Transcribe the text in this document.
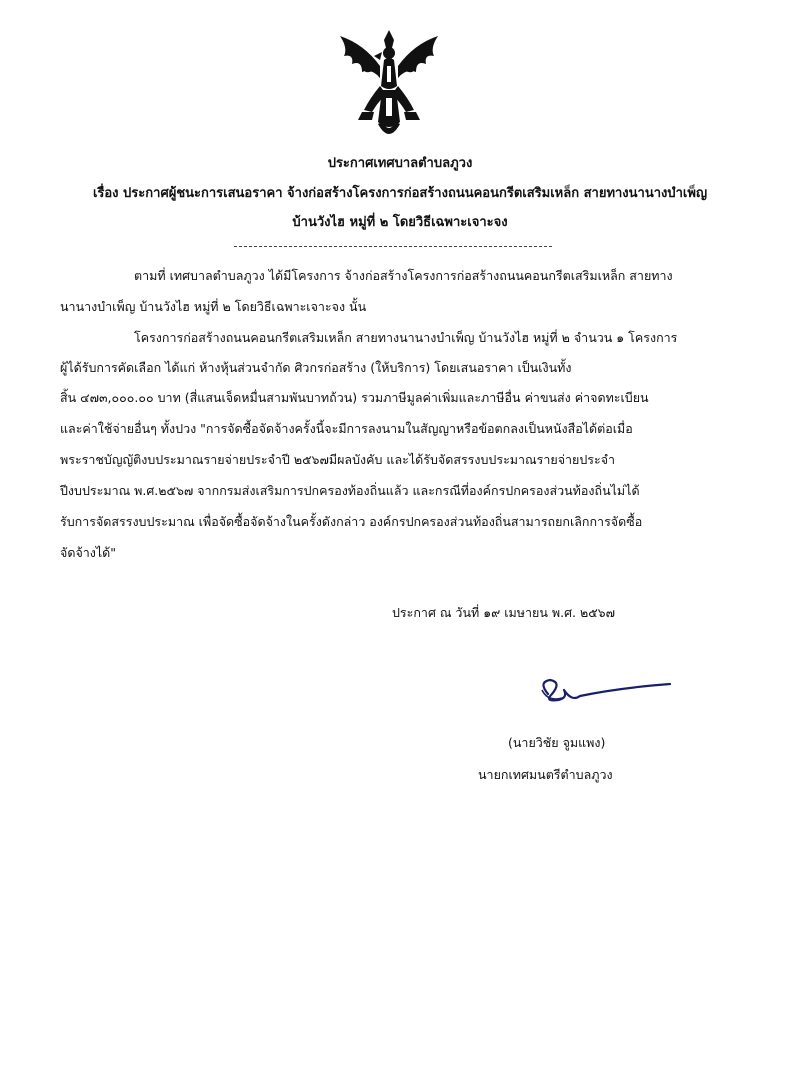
ประกาศเทศบาลตำบลภูวง
เรื่อง ประกาศผู้ชนะการเสนอราคา จ้างก่อสร้างโครงการก่อสร้างถนนคอนกรีตเสริมเหล็ก สายทางนานางบำเพ็ญ
บ้านวังไฮ หมู่ที่ ๒ โดยวิธีเฉพาะเจาะจง
ตามที่ เทศบาลตำบลภูวง ได้มีโครงการ จ้างก่อสร้างโครงการก่อสร้างถนนคอนกรีตเสริมเหล็ก สายทาง
นานางบำเพ็ญ บ้านวังไฮ หมู่ที่ ๒ โดยวิธีเฉพาะเจาะจง นั้น
โครงการก่อสร้างถนนคอนกรีตเสริมเหล็ก สายทางนานางบำเพ็ญ บ้านวังไฮ หมู่ที่ ๒ จำนวน ๑ โครงการ
ผู้ได้รับการคัดเลือก ได้แก่ ห้างหุ้นส่วนจำกัด ศิวกรก่อสร้าง (ให้บริการ) โดยเสนอราคา เป็นเงินทั้ง
สิ้น ๔๗๓,๐๐๐.๐๐ บาท (สี่แสนเจ็ดหมื่นสามพันบาทถ้วน) รวมภาษีมูลค่าเพิ่มและภาษีอื่น ค่าขนส่ง ค่าจดทะเบียน
และค่าใช้จ่ายอื่นๆ ทั้งปวง "การจัดซื้อจัดจ้างครั้งนี้จะมีการลงนามในสัญญาหรือข้อตกลงเป็นหนังสือได้ต่อเมื่อ
พระราชบัญญัติงบประมาณรายจ่ายประจำปี ๒๕๖๗มีผลบังคับ และได้รับจัดสรรงบประมาณรายจ่ายประจำ
ปีงบประมาณ พ.ศ.๒๕๖๗ จากกรมส่งเสริมการปกครองท้องถิ่นแล้ว และกรณีที่องค์กรปกครองส่วนท้องถิ่นไม่ได้
รับการจัดสรรงบประมาณ เพื่อจัดซื้อจัดจ้างในครั้งดังกล่าว องค์กรปกครองส่วนท้องถิ่นสามารถยกเลิกการจัดซื้อ
จัดจ้างได้"
ประกาศ ณ วันที่ ๑๙ เมษายน พ.ศ. ๒๕๖๗
(นายวิชัย จูมแพง)
นายกเทศมนตรีตำบลภูวง
